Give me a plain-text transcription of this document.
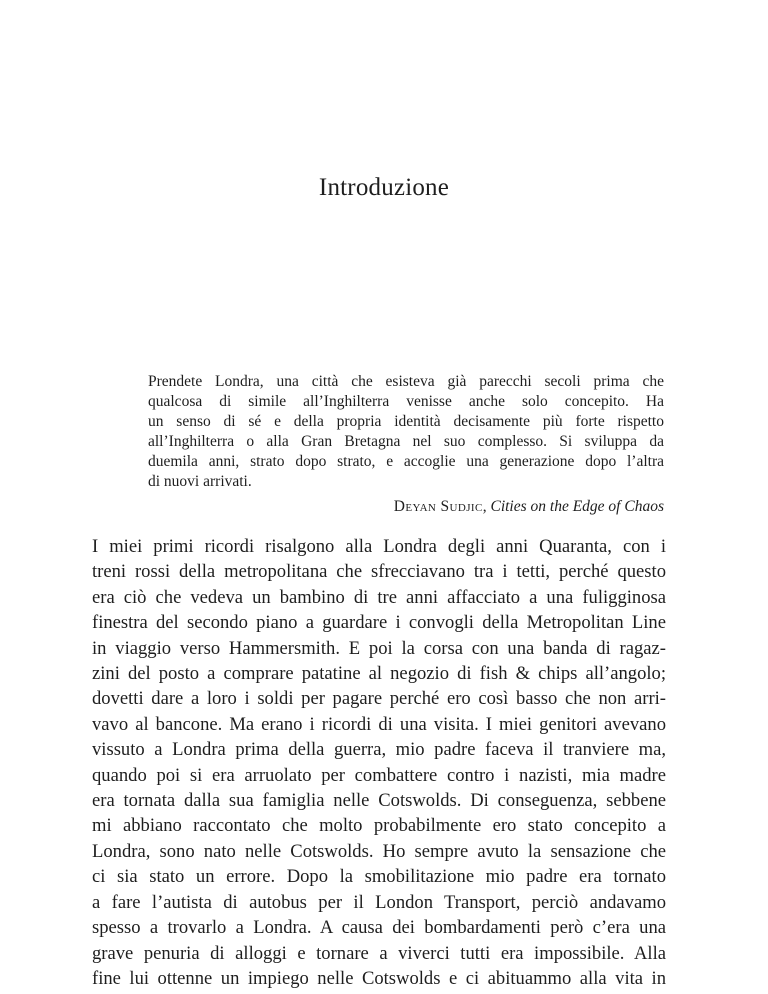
Introduzione
Prendete Londra, una città che esisteva già parecchi secoli prima che
qualcosa di simile all’Inghilterra venisse anche solo concepito. Ha
un senso di sé e della propria identità decisamente più forte rispetto
all’Inghilterra o alla Gran Bretagna nel suo complesso. Si sviluppa da
duemila anni, strato dopo strato, e accoglie una generazione dopo l’altra
di nuovi arrivati.
Deyan Sudjic, Cities on the Edge of Chaos
I miei primi ricordi risalgono alla Londra degli anni Quaranta, con i
treni rossi della metropolitana che sfrecciavano tra i tetti, perché questo
era ciò che vedeva un bambino di tre anni affacciato a una fuligginosa
finestra del secondo piano a guardare i convogli della Metropolitan Line
in viaggio verso Hammersmith. E poi la corsa con una banda di ragaz-
zini del posto a comprare patatine al negozio di fish & chips all’angolo;
dovetti dare a loro i soldi per pagare perché ero così basso che non arri-
vavo al bancone. Ma erano i ricordi di una visita. I miei genitori avevano
vissuto a Londra prima della guerra, mio padre faceva il tranviere ma,
quando poi si era arruolato per combattere contro i nazisti, mia madre
era tornata dalla sua famiglia nelle Cotswolds. Di conseguenza, sebbene
mi abbiano raccontato che molto probabilmente ero stato concepito a
Londra, sono nato nelle Cotswolds. Ho sempre avuto la sensazione che
ci sia stato un errore. Dopo la smobilitazione mio padre era tornato
a fare l’autista di autobus per il London Transport, perciò andavamo
spesso a trovarlo a Londra. A causa dei bombardamenti però c’era una
grave penuria di alloggi e tornare a viverci tutti era impossibile. Alla
fine lui ottenne un impiego nelle Cotswolds e ci abituammo alla vita in
